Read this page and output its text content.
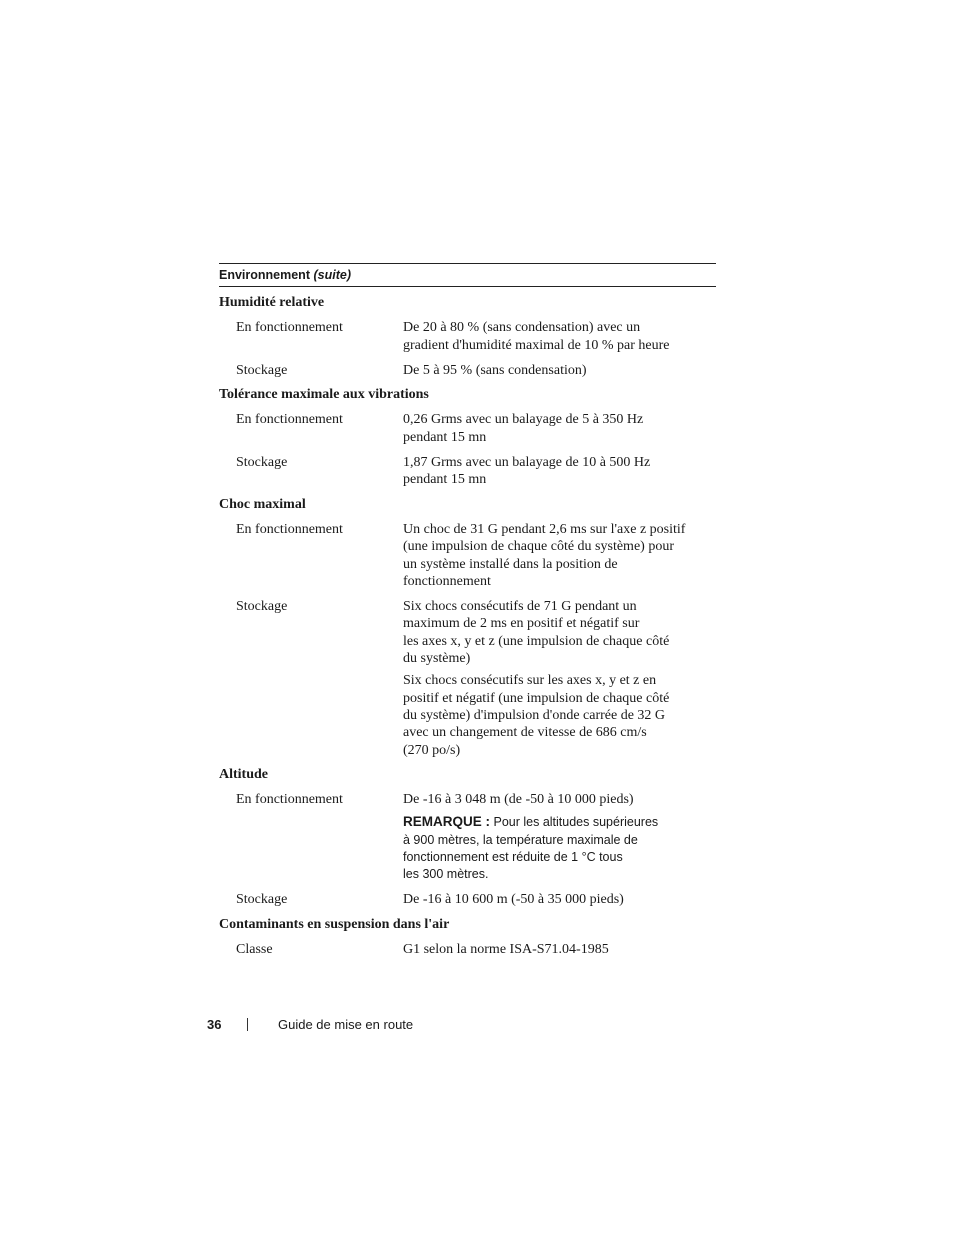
Environnement (suite)
Humidité relative
En fonctionnement	De 20 à 80 % (sans condensation) avec un
gradient d'humidité maximal de 10 % par heure

Stockage	De 5 à 95 % (sans condensation)

Tolérance maximale aux vibrations
En fonctionnement	0,26 Grms avec un balayage de 5 à 350 Hz
pendant 15 mn

Stockage	1,87 Grms avec un balayage de 10 à 500 Hz
pendant 15 mn

Choc maximal
En fonctionnement	Un choc de 31 G pendant 2,6 ms sur l'axe z positif
(une impulsion de chaque côté du système) pour
un système installé dans la position de
fonctionnement

Stockage	Six chocs consécutifs de 71 G pendant un
maximum de 2 ms en positif et négatif sur
les axes x, y et z (une impulsion de chaque côté
du système)

Six chocs consécutifs sur les axes x, y et z en
positif et négatif (une impulsion de chaque côté
du système) d'impulsion d'onde carrée de 32 G
avec un changement de vitesse de 686 cm/s
(270 po/s)

Altitude
En fonctionnement	De -16 à 3 048 m (de -50 à 10 000 pieds)

REMARQUE : Pour les altitudes supérieures
à 900 mètres, la température maximale de
fonctionnement est réduite de 1 °C tous
les 300 mètres.
Stockage	De -16 à 10 600 m (-50 à 35 000 pieds)

Contaminants en suspension dans l'air
Classe	G1 selon la norme ISA-S71.04-1985

36	Guide de mise en route
